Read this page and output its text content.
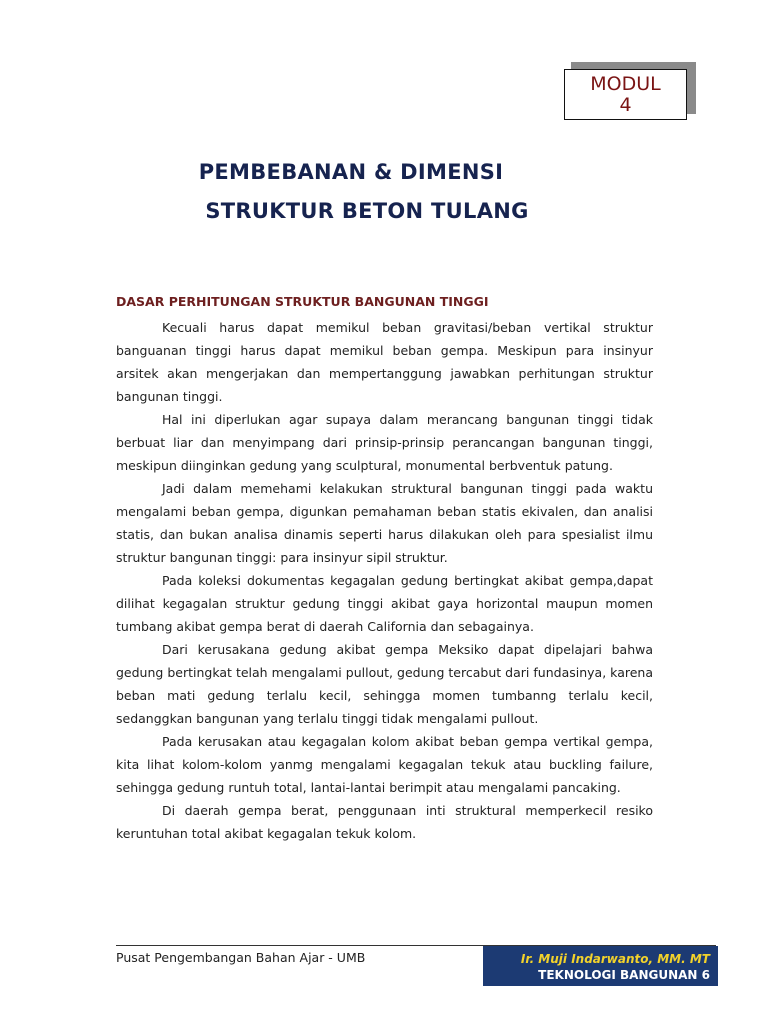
MODUL
4
PEMBEBANAN & DIMENSI
STRUKTUR BETON TULANG
DASAR PERHITUNGAN STRUKTUR BANGUNAN TINGGI

Kecuali harus dapat memikul beban gravitasi/beban vertikal struktur banguanan tinggi harus dapat memikul beban gempa. Meskipun para insinyur arsitek akan mengerjakan dan mempertanggung jawabkan perhitungan struktur bangunan tinggi.

Hal ini diperlukan agar supaya dalam merancang bangunan tinggi tidak berbuat liar dan menyimpang dari prinsip-prinsip perancangan bangunan tinggi, meskipun diinginkan gedung yang sculptural, monumental berbventuk patung.

Jadi dalam memehami kelakukan struktural bangunan tinggi pada waktu mengalami beban gempa, digunkan pemahaman beban statis ekivalen, dan analisi statis, dan bukan analisa dinamis seperti harus dilakukan oleh para spesialist ilmu struktur bangunan tinggi: para insinyur sipil struktur.

Pada koleksi dokumentas kegagalan gedung bertingkat akibat gempa,dapat dilihat kegagalan struktur gedung tinggi akibat gaya horizontal maupun momen tumbang akibat gempa berat di daerah California dan sebagainya.

Dari kerusakana gedung akibat gempa Meksiko dapat dipelajari bahwa gedung bertingkat telah mengalami pullout, gedung tercabut dari fundasinya, karena beban mati gedung terlalu kecil, sehingga momen tumbanng terlalu kecil, sedanggkan bangunan yang terlalu tinggi tidak mengalami pullout.

Pada kerusakan atau kegagalan kolom akibat beban gempa vertikal gempa, kita lihat kolom-kolom yanmg mengalami kegagalan tekuk atau buckling failure, sehingga gedung runtuh total, lantai-lantai berimpit atau mengalami pancaking.

Di daerah gempa berat, penggunaan inti struktural memperkecil resiko keruntuhan total akibat kegagalan tekuk kolom.

Pusat Pengembangan Bahan Ajar - UMB	Ir. Muji Indarwanto, MM. MT
TEKNOLOGI BANGUNAN 6
